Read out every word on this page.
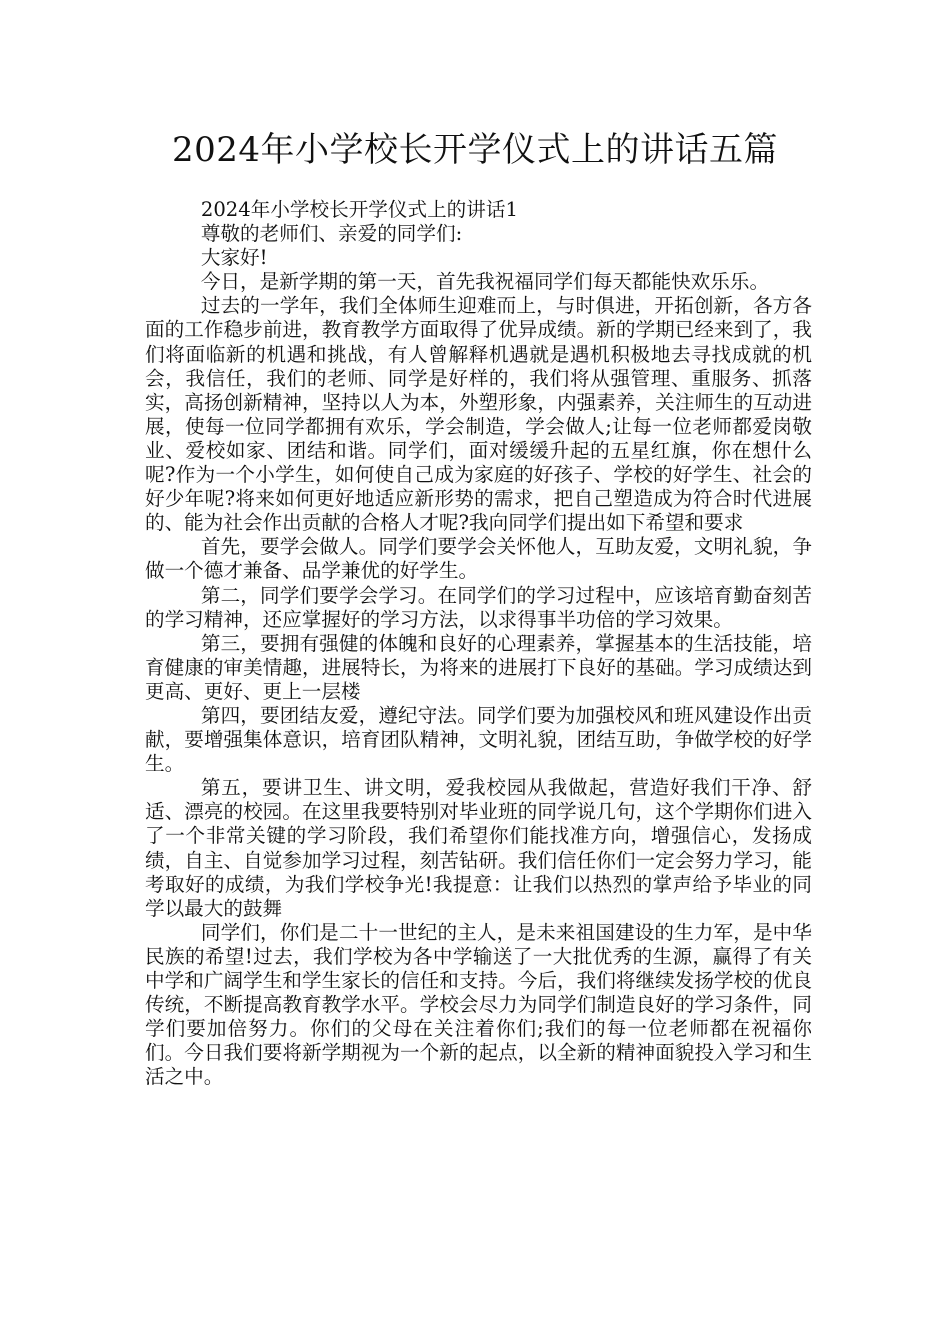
2024年小学校长开学仪式上的讲话五篇

2024年小学校长开学仪式上的讲话1

尊敬的老师们、亲爱的同学们:

大家好!

今日，是新学期的第一天，首先我祝福同学们每天都能快欢乐乐。

过去的一学年，我们全体师生迎难而上，与时俱进，开拓创新，各方各面的工作稳步前进，教育教学方面取得了优异成绩。新的学期已经来到了，我们将面临新的机遇和挑战，有人曾解释机遇就是遇机积极地去寻找成就的机会，我信任，我们的老师、同学是好样的，我们将从强管理、重服务、抓落实，高扬创新精神，坚持以人为本，外塑形象，内强素养，关注师生的互动进展，使每一位同学都拥有欢乐，学会制造，学会做人;让每一位老师都爱岗敬业、爱校如家、团结和谐。同学们，面对缓缓升起的五星红旗，你在想什么呢?作为一个小学生，如何使自己成为家庭的好孩子、学校的好学生、社会的好少年呢?将来如何更好地适应新形势的需求，把自己塑造成为符合时代进展的、能为社会作出贡献的合格人才呢?我向同学们提出如下希望和要求

首先，要学会做人。同学们要学会关怀他人，互助友爱，文明礼貌，争做一个德才兼备、品学兼优的好学生。

第二，同学们要学会学习。在同学们的学习过程中，应该培育勤奋刻苦的学习精神，还应掌握好的学习方法，以求得事半功倍的学习效果。

第三，要拥有强健的体魄和良好的心理素养，掌握基本的生活技能，培育健康的审美情趣，进展特长，为将来的进展打下良好的基础。学习成绩达到更高、更好、更上一层楼

第四，要团结友爱，遵纪守法。同学们要为加强校风和班风建设作出贡献，要增强集体意识，培育团队精神，文明礼貌，团结互助，争做学校的好学生。

第五，要讲卫生、讲文明，爱我校园从我做起，营造好我们干净、舒适、漂亮的校园。在这里我要特别对毕业班的同学说几句，这个学期你们进入了一个非常关键的学习阶段，我们希望你们能找准方向，增强信心，发扬成绩，自主、自觉参加学习过程，刻苦钻研。我们信任你们一定会努力学习，能考取好的成绩，为我们学校争光!我提意：让我们以热烈的掌声给予毕业的同学以最大的鼓舞

同学们，你们是二十一世纪的主人，是未来祖国建设的生力军，是中华民族的希望!过去，我们学校为各中学输送了一大批优秀的生源，赢得了有关中学和广阔学生和学生家长的信任和支持。今后，我们将继续发扬学校的优良传统，不断提高教育教学水平。学校会尽力为同学们制造良好的学习条件，同学们要加倍努力。你们的父母在关注着你们;我们的每一位老师都在祝福你们。今日我们要将新学期视为一个新的起点，以全新的精神面貌投入学习和生活之中。
